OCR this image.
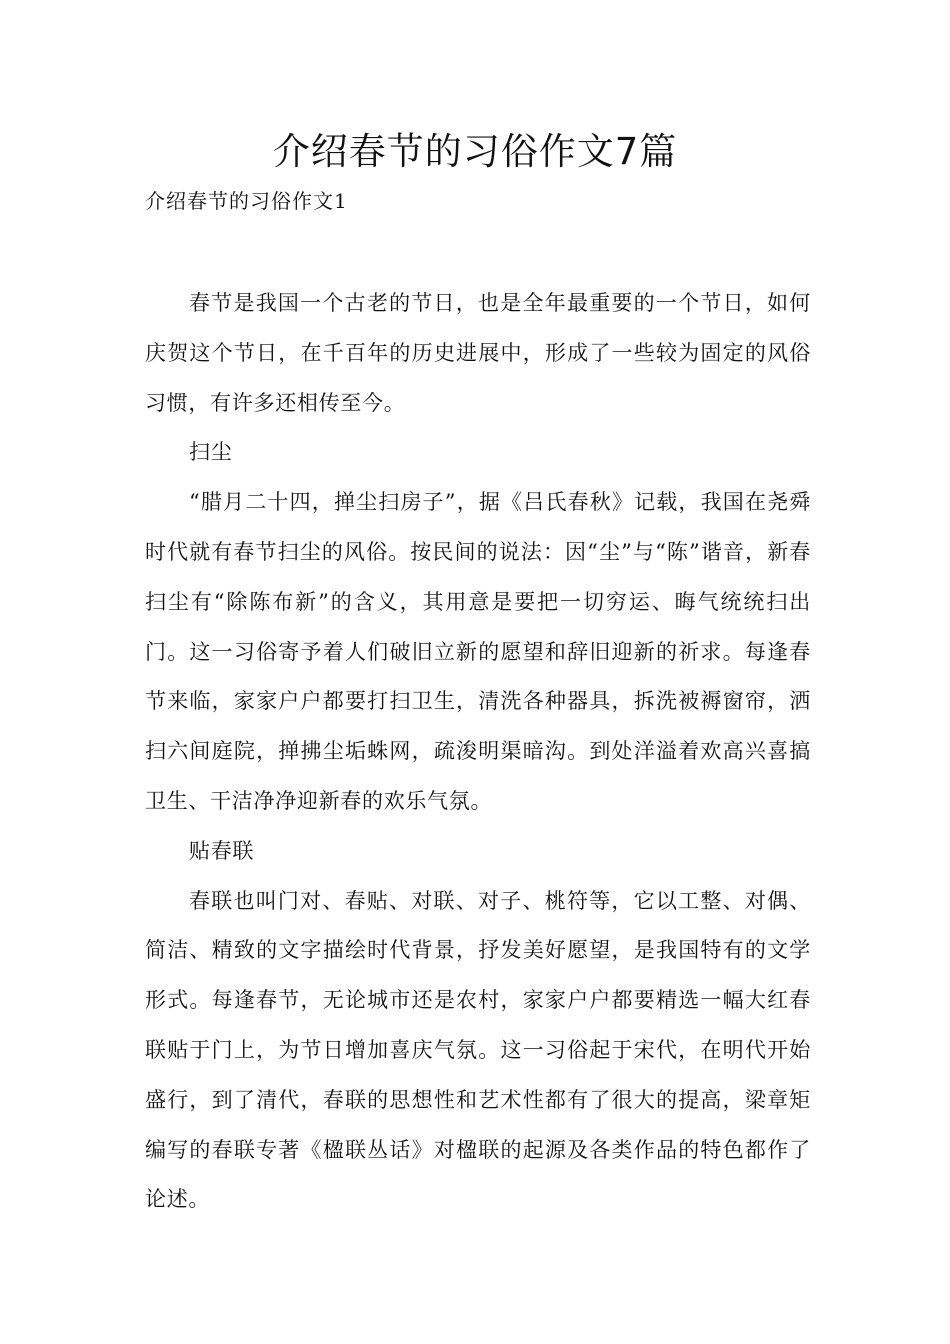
介绍春节的习俗作文7篇
介绍春节的习俗作文1

春节是我国一个古老的节日，也是全年最重要的一个节日，如何庆贺这个节日，在千百年的历史进展中，形成了一些较为固定的风俗习惯，有许多还相传至今。

扫尘

“腊月二十四，掸尘扫房子”，据《吕氏春秋》记载，我国在尧舜时代就有春节扫尘的风俗。按民间的说法：因“尘”与“陈”谐音，新春扫尘有“除陈布新”的含义，其用意是要把一切穷运、晦气统统扫出门。这一习俗寄予着人们破旧立新的愿望和辞旧迎新的祈求。每逢春节来临，家家户户都要打扫卫生，清洗各种器具，拆洗被褥窗帘，洒扫六间庭院，掸拂尘垢蛛网，疏浚明渠暗沟。到处洋溢着欢高兴喜搞卫生、干洁净净迎新春的欢乐气氛。

贴春联

春联也叫门对、春贴、对联、对子、桃符等，它以工整、对偶、简洁、精致的文字描绘时代背景，抒发美好愿望，是我国特有的文学形式。每逢春节，无论城市还是农村，家家户户都要精选一幅大红春联贴于门上，为节日增加喜庆气氛。这一习俗起于宋代，在明代开始盛行，到了清代，春联的思想性和艺术性都有了很大的提高，梁章矩编写的春联专著《楹联丛话》对楹联的起源及各类作品的特色都作了论述。
